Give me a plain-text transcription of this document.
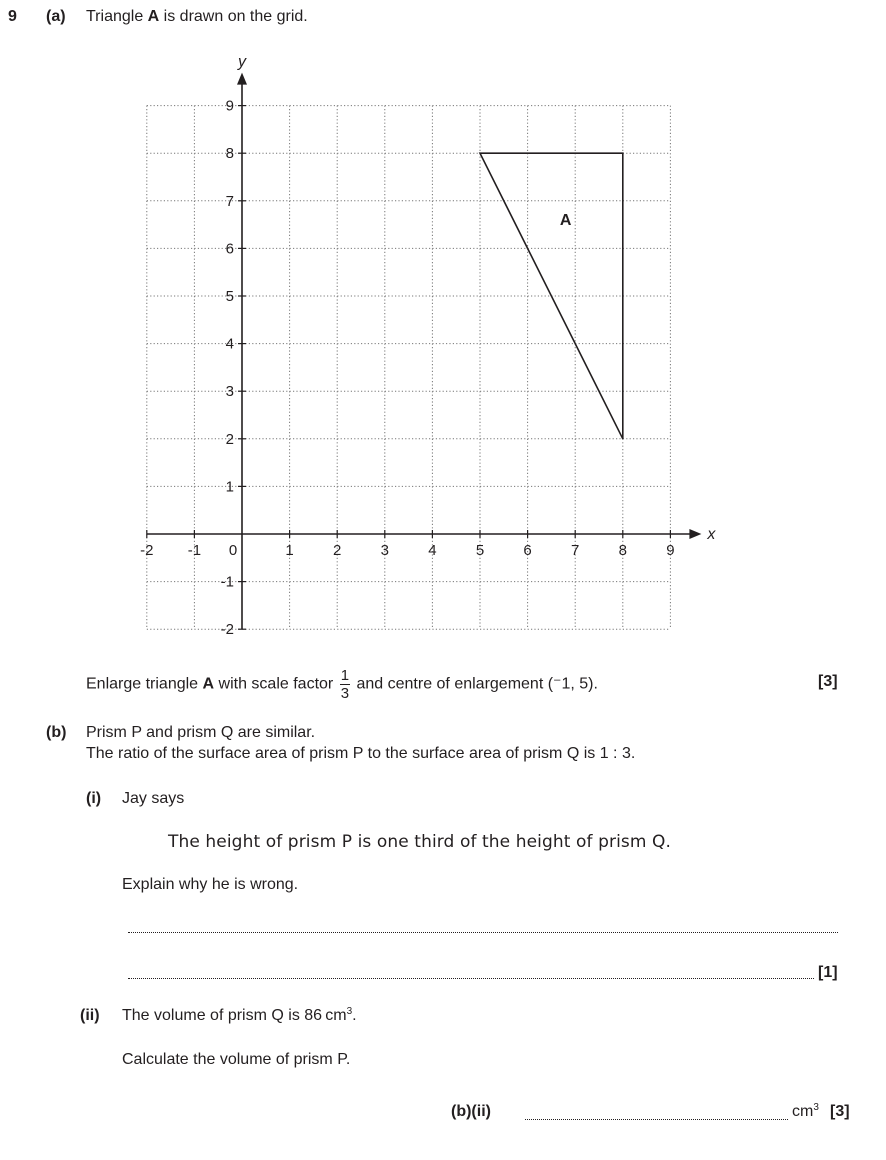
9 (a) Triangle A is drawn on the grid.
x
y
-2 -1 0	1	2	3	4	5	6	7	8	9
-2
-1
1
2
3
4
5
6
7
8
9
A
Enlarge triangle A with scale factor $\frac{1}{3}$ and centre of enlargement (⁻1, 5).	[3]
(b) Prism P and prism Q are similar.
The ratio of the surface area of prism P to the surface area of prism Q is 1 : 3.
(i) Jay says
The height of prism P is one third of the height of prism Q.
Explain why he is wrong.
[1]
(ii) The volume of prism Q is 86 $cm^3$.
Calculate the volume of prism P.
(b)(ii)	$cm^3$ [3]
